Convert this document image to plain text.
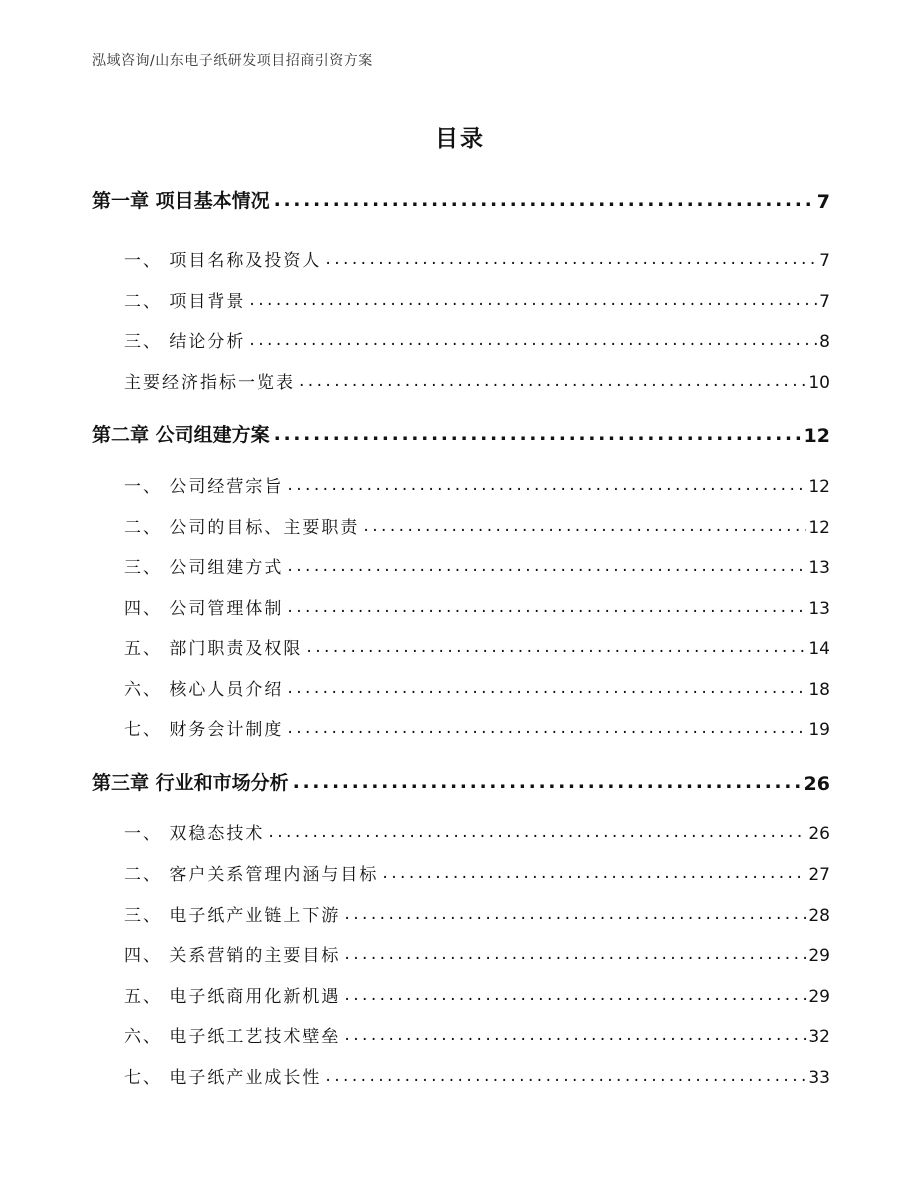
泓域咨询/山东电子纸研发项目招商引资方案
目录
第一章 项目基本情况 . . .	7
一、 项目名称及投资人 . . .	7
二、 项目背景 . . .	7
三、 结论分析 . . .	8
主要经济指标一览表 . . .	10
第二章 公司组建方案 . . .	12
一、 公司经营宗旨 . . .	12
二、 公司的目标、主要职责 . . .	12
三、 公司组建方式 . . .	13
四、 公司管理体制 . . .	13
五、 部门职责及权限 . . .	14
六、 核心人员介绍 . . .	18
七、 财务会计制度 . . .	19
第三章 行业和市场分析 . . .	26
一、 双稳态技术 . . .	26
二、 客户关系管理内涵与目标 . . .	27
三、 电子纸产业链上下游 . . .	28
四、 关系营销的主要目标 . . .	29
五、 电子纸商用化新机遇 . . .	29
六、 电子纸工艺技术壁垒 . . .	32
七、 电子纸产业成长性 . . .	33
